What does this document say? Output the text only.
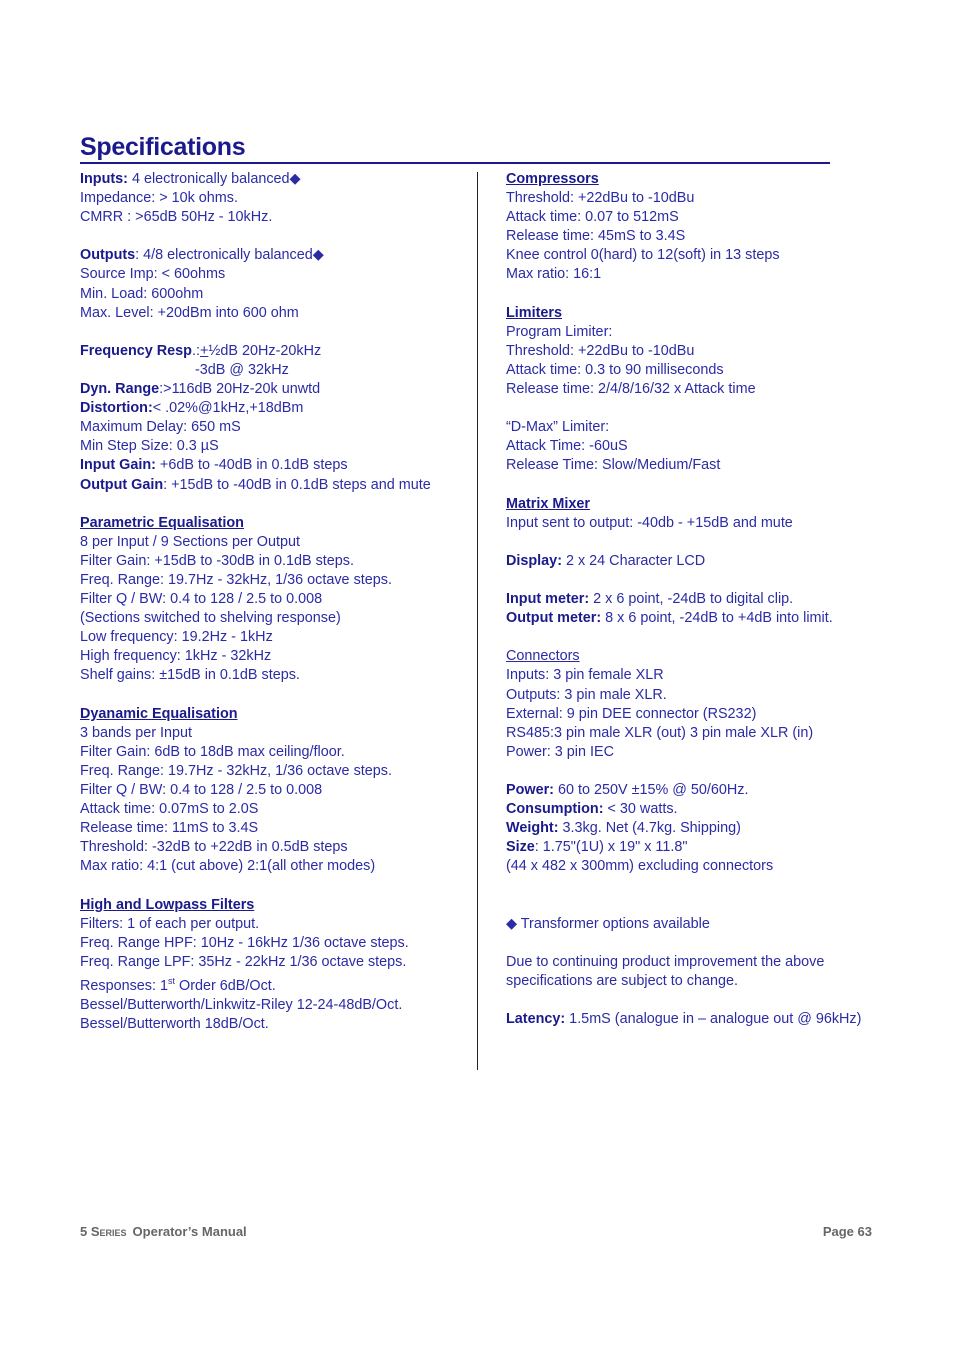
Specifications
Inputs: 4 electronically balanced◆
Impedance: > 10k ohms.
CMRR : >65dB 50Hz - 10kHz.
Outputs: 4/8 electronically balanced◆
Source Imp: < 60ohms
Min. Load: 600ohm
Max. Level: +20dBm into 600 ohm
Frequency Resp.:+½dB 20Hz-20kHz
-3dB @ 32kHz
Dyn. Range:>116dB 20Hz-20k unwtd
Distortion:< .02%@1kHz,+18dBm
Maximum Delay: 650 mS
Min Step Size: 0.3 µS
Input Gain: +6dB to -40dB in 0.1dB steps
Output Gain: +15dB to -40dB in 0.1dB steps and mute
Parametric Equalisation
8 per Input / 9 Sections per Output
Filter Gain: +15dB to -30dB in 0.1dB steps.
Freq. Range: 19.7Hz - 32kHz, 1/36 octave steps.
Filter Q / BW: 0.4 to 128 / 2.5 to 0.008
(Sections switched to shelving response)
Low frequency: 19.2Hz - 1kHz
High frequency: 1kHz - 32kHz
Shelf gains: ±15dB in 0.1dB steps.
Dyanamic Equalisation
3 bands per Input
Filter Gain: 6dB to 18dB max ceiling/floor.
Freq. Range: 19.7Hz - 32kHz, 1/36 octave steps.
Filter Q / BW: 0.4 to 128 / 2.5 to 0.008
Attack time: 0.07mS to 2.0S
Release time: 11mS to 3.4S
Threshold: -32dB to +22dB in 0.5dB steps
Max ratio: 4:1 (cut above) 2:1(all other modes)
High and Lowpass Filters
Filters: 1 of each per output.
Freq. Range HPF: 10Hz - 16kHz 1/36 octave steps.
Freq. Range LPF: 35Hz - 22kHz 1/36 octave steps.
Responses: 1st Order 6dB/Oct.
Bessel/Butterworth/Linkwitz-Riley 12-24-48dB/Oct.
Bessel/Butterworth 18dB/Oct.
Compressors
Threshold: +22dBu to -10dBu
Attack time: 0.07 to 512mS
Release time: 45mS to 3.4S
Knee control 0(hard) to 12(soft) in 13 steps
Max ratio: 16:1
Limiters
Program Limiter:
Threshold: +22dBu to -10dBu
Attack time: 0.3 to 90 milliseconds
Release time: 2/4/8/16/32 x Attack time
“D-Max” Limiter:
Attack Time: -60uS
Release Time: Slow/Medium/Fast
Matrix Mixer
Input sent to output: -40db - +15dB and mute
Display: 2 x 24 Character LCD
Input meter: 2 x 6 point, -24dB to digital clip.
Output meter: 8 x 6 point, -24dB to +4dB into limit.
Connectors
Inputs: 3 pin female XLR
Outputs: 3 pin male XLR.
External: 9 pin DEE connector (RS232)
RS485:3 pin male XLR (out) 3 pin male XLR (in)
Power: 3 pin IEC
Power: 60 to 250V ±15% @ 50/60Hz.
Consumption: < 30 watts.
Weight: 3.3kg. Net (4.7kg. Shipping)
Size: 1.75"(1U) x 19" x 11.8"
(44 x 482 x 300mm) excluding connectors
◆ Transformer options available
Due to continuing product improvement the above
specifications are subject to change.
Latency: 1.5mS (analogue in – analogue out @ 96kHz)
5 Series Operator’s Manual	Page 63
